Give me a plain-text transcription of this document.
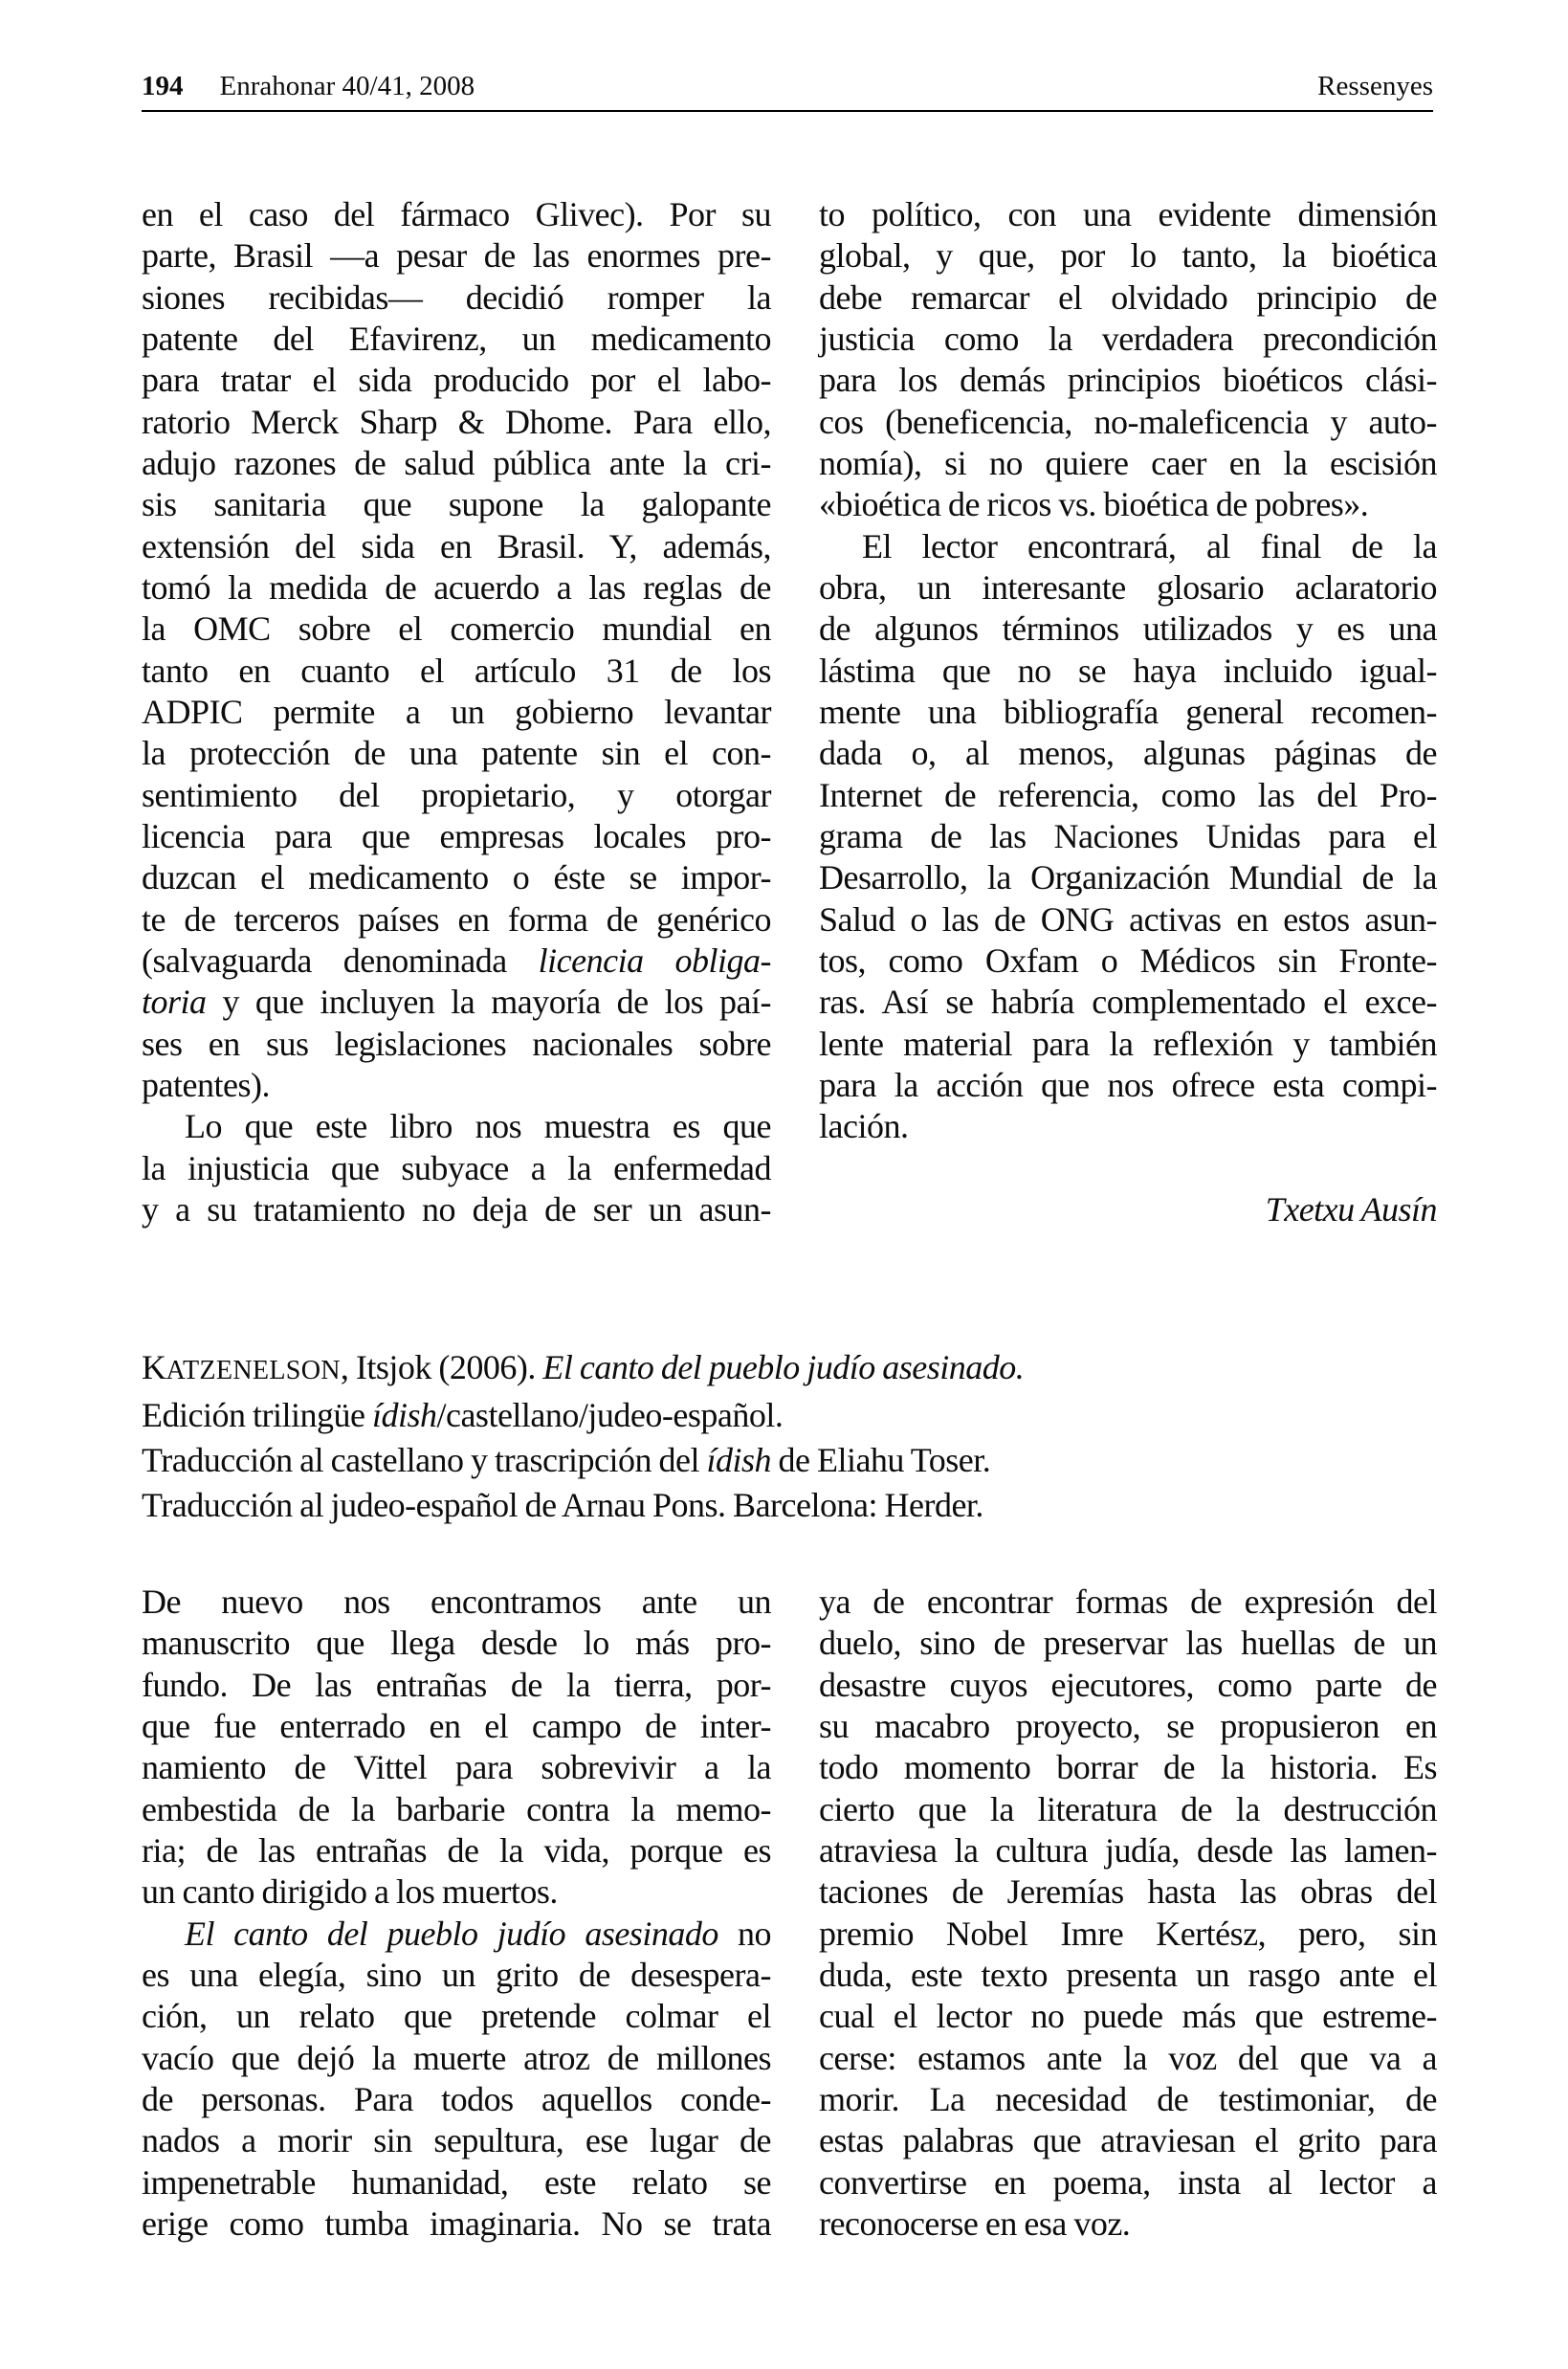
194 Enrahonar 40/41, 2008	Ressenyes
en el caso del fármaco Glivec). Por su
parte, Brasil —a pesar de las enormes pre-
siones recibidas— decidió romper la
patente del Efavirenz, un medicamento
para tratar el sida producido por el labo-
ratorio Merck Sharp & Dhome. Para ello,
adujo razones de salud pública ante la cri-
sis sanitaria que supone la galopante
extensión del sida en Brasil. Y, además,
tomó la medida de acuerdo a las reglas de
la OMC sobre el comercio mundial en
tanto en cuanto el artículo 31 de los
ADPIC permite a un gobierno levantar
la protección de una patente sin el con-
sentimiento del propietario, y otorgar
licencia para que empresas locales pro-
duzcan el medicamento o éste se impor-
te de terceros países en forma de genérico
(salvaguarda denominada licencia obliga-
toria y que incluyen la mayoría de los paí-
ses en sus legislaciones nacionales sobre
patentes).
Lo que este libro nos muestra es que
la injusticia que subyace a la enfermedad
y a su tratamiento no deja de ser un asun-
to político, con una evidente dimensión
global, y que, por lo tanto, la bioética
debe remarcar el olvidado principio de
justicia como la verdadera precondición
para los demás principios bioéticos clási-
cos (beneficencia, no-maleficencia y auto-
nomía), si no quiere caer en la escisión
«bioética de ricos vs. bioética de pobres».
El lector encontrará, al final de la
obra, un interesante glosario aclaratorio
de algunos términos utilizados y es una
lástima que no se haya incluido igual-
mente una bibliografía general recomen-
dada o, al menos, algunas páginas de
Internet de referencia, como las del Pro-
grama de las Naciones Unidas para el
Desarrollo, la Organización Mundial de la
Salud o las de ONG activas en estos asun-
tos, como Oxfam o Médicos sin Fronte-
ras. Así se habría complementado el exce-
lente material para la reflexión y también
para la acción que nos ofrece esta compi-
lación.

Txetxu Ausín
KATZENELSON, Itsjok (2006). El canto del pueblo judío asesinado.
Edición trilingüe ídish/castellano/judeo-español.
Traducción al castellano y trascripción del ídish de Eliahu Toser.
Traducción al judeo-español de Arnau Pons. Barcelona: Herder.
De nuevo nos encontramos ante un
manuscrito que llega desde lo más pro-
fundo. De las entrañas de la tierra, por-
que fue enterrado en el campo de inter-
namiento de Vittel para sobrevivir a la
embestida de la barbarie contra la memo-
ria; de las entrañas de la vida, porque es
un canto dirigido a los muertos.
El canto del pueblo judío asesinado no
es una elegía, sino un grito de desespera-
ción, un relato que pretende colmar el
vacío que dejó la muerte atroz de millones
de personas. Para todos aquellos conde-
nados a morir sin sepultura, ese lugar de
impenetrable humanidad, este relato se
erige como tumba imaginaria. No se trata
ya de encontrar formas de expresión del
duelo, sino de preservar las huellas de un
desastre cuyos ejecutores, como parte de
su macabro proyecto, se propusieron en
todo momento borrar de la historia. Es
cierto que la literatura de la destrucción
atraviesa la cultura judía, desde las lamen-
taciones de Jeremías hasta las obras del
premio Nobel Imre Kertész, pero, sin
duda, este texto presenta un rasgo ante el
cual el lector no puede más que estreme-
cerse: estamos ante la voz del que va a
morir. La necesidad de testimoniar, de
estas palabras que atraviesan el grito para
convertirse en poema, insta al lector a
reconocerse en esa voz.
